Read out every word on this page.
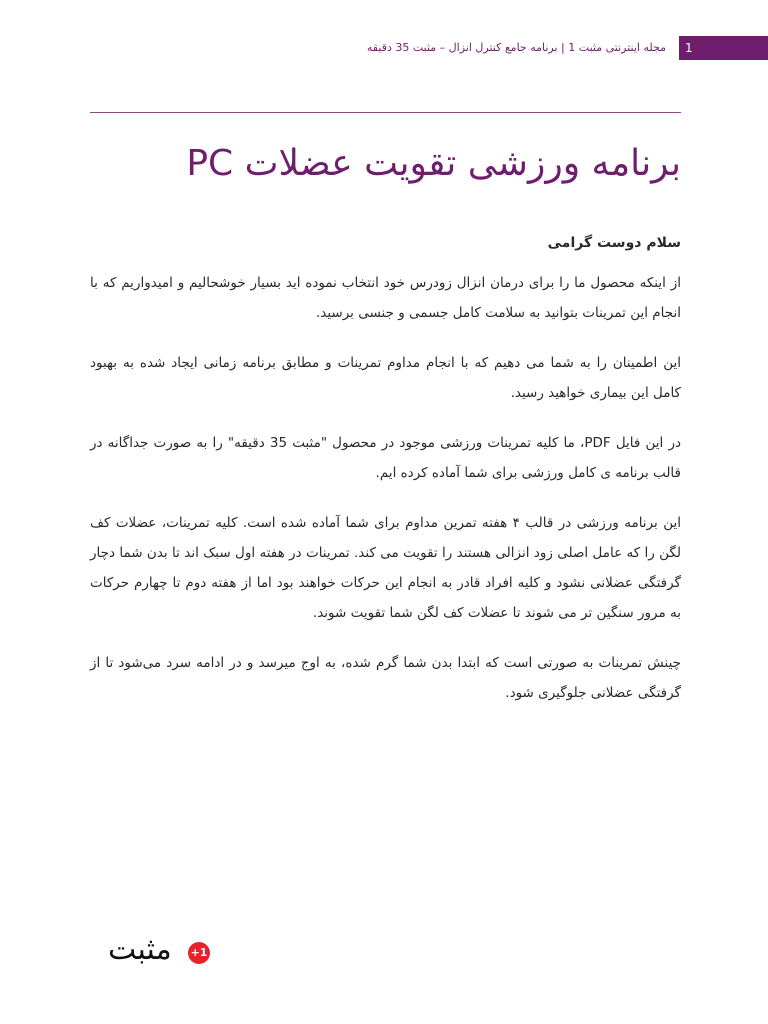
1
مجله اینترنتی مثبت 1 | برنامه جامع کنترل انزال – مثبت 35 دقیقه
برنامه ورزشی تقویت عضلات PC

سلام دوست گرامی

از اینکه محصول ما را برای درمان انزال زودرس خود انتخاب نموده اید بسیار خوشحالیم و امیدواریم که با انجام این تمرینات بتوانید به سلامت کامل جسمی و جنسی برسید.

این اطمینان را به شما می دهیم که با انجام مداوم تمرینات و مطابق برنامه زمانی ایجاد شده به بهبود کامل این بیماری خواهید رسید.

در این فایل PDF، ما کلیه تمرینات ورزشی موجود در محصول "مثبت 35 دقیقه" را به صورت جداگانه در قالب برنامه ی کامل ورزشی برای شما آماده کرده ایم.

این برنامه ورزشی در قالب ۴ هفته تمرین مداوم برای شما آماده شده است. کلیه تمرینات، عضلات کف لگن را که عامل اصلی زود انزالی هستند را تقویت می کند. تمرینات در هفته اول سبک اند تا بدن شما دچار گرفتگی عضلانی نشود و کلیه افراد قادر به انجام این حرکات خواهند بود اما از هفته دوم تا چهارم حرکات به مرور سنگین تر می شوند تا عضلات کف لگن شما تقویت شوند.

چینش تمرینات به صورتی است که ابتدا بدن شما گرم شده، به اوج میرسد و در ادامه سرد می‌شود تا از گرفتگی عضلانی جلوگیری شود.

مثبت +1
